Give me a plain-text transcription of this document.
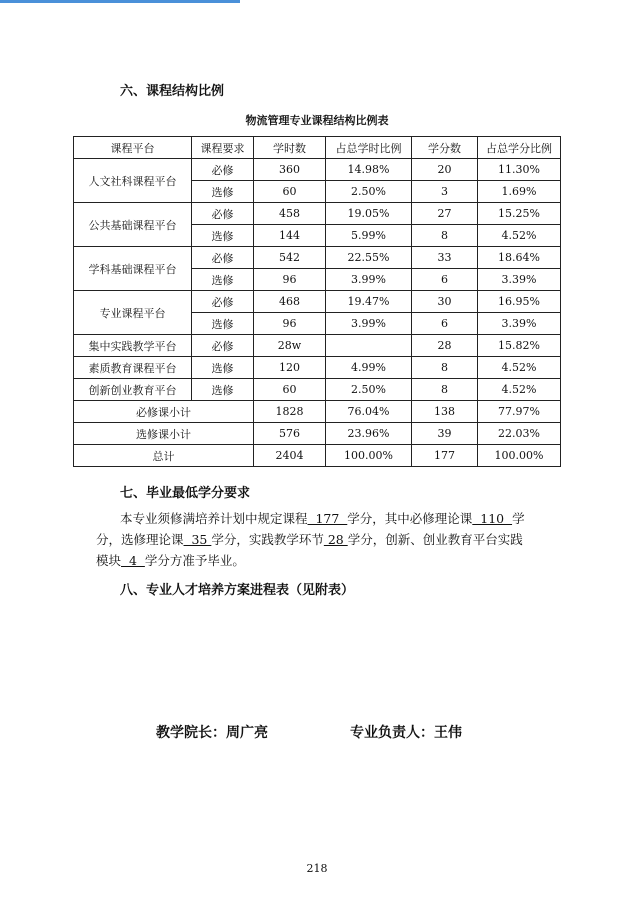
六、课程结构比例
物流管理专业课程结构比例表
课程平台	课程要求	学时数	占总学时比例	学分数	占总学分比例
人文社科课程平台	必修	360	14.98%	20	11.30%
	选修	60	2.50%	3	1.69%
公共基础课程平台	必修	458	19.05%	27	15.25%
	选修	144	5.99%	8	4.52%
学科基础课程平台	必修	542	22.55%	33	18.64%
	选修	96	3.99%	6	3.39%
专业课程平台	必修	468	19.47%	30	16.95%
	选修	96	3.99%	6	3.39%
集中实践教学平台	必修	28w		28	15.82%
素质教育课程平台	选修	120	4.99%	8	4.52%
创新创业教育平台	选修	60	2.50%	8	4.52%
必修课小计		1828	76.04%	138	77.97%
选修课小计		576	23.96%	39	22.03%
总计		2404	100.00%	177	100.00%
七、毕业最低学分要求
本专业须修满培养计划中规定课程  177  学分，其中必修理论课  110  学
分，选修理论课  35 学分，实践教学环节 28 学分，创新、创业教育平台实践
模块  4  学分方准予毕业。
八、专业人才培养方案进程表（见附表）
教学院长：周广亮	专业负责人：王伟
218
